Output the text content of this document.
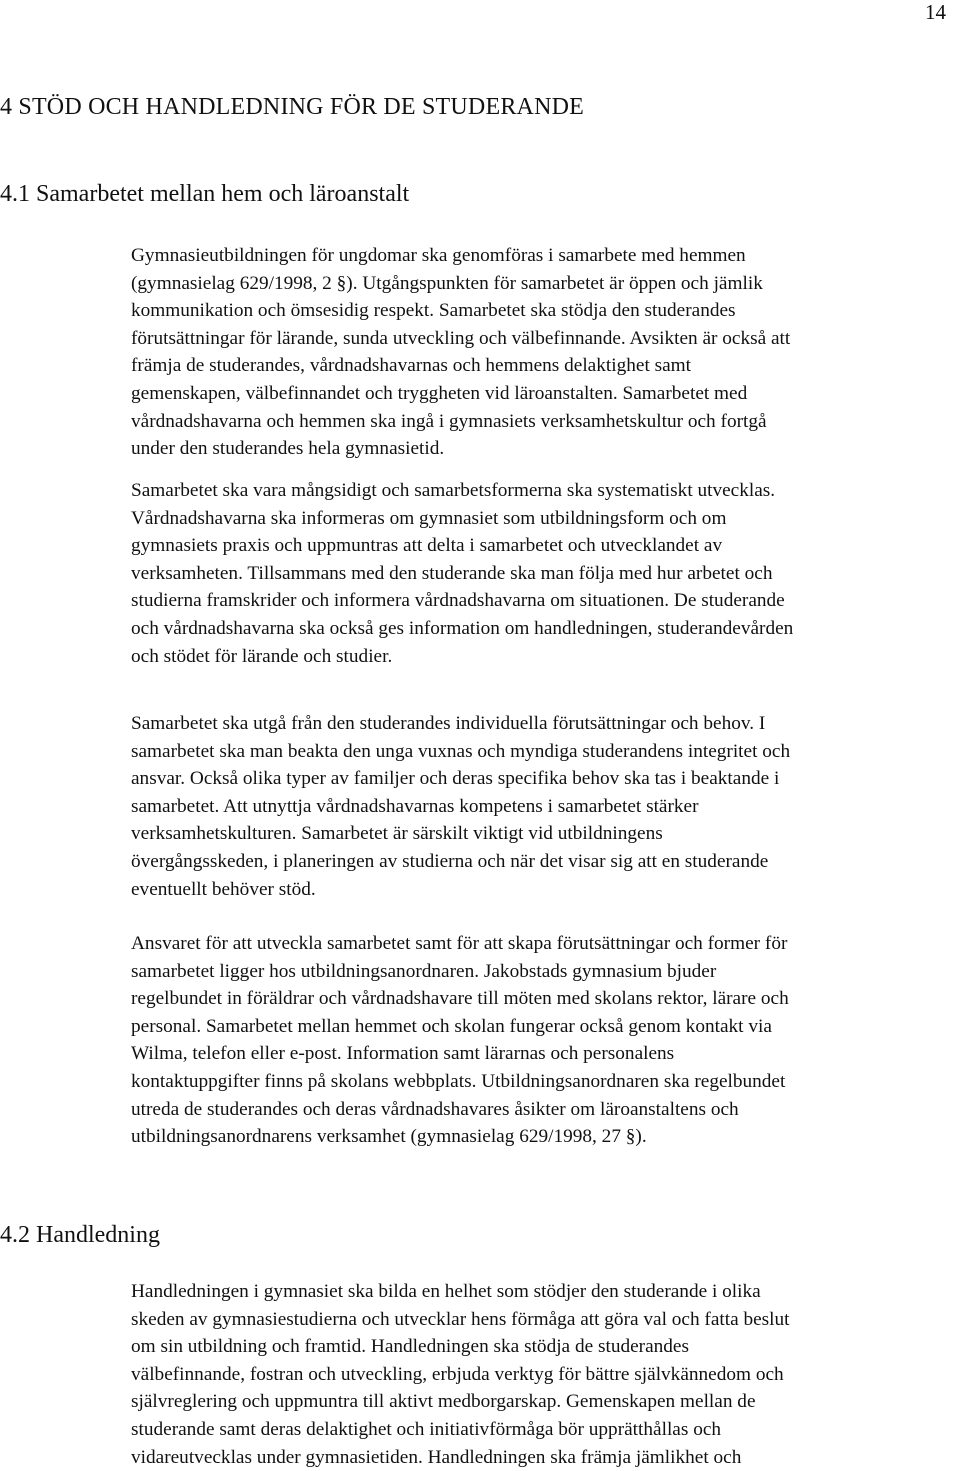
14
4 STÖD OCH HANDLEDNING FÖR DE STUDERANDE
4.1 Samarbetet mellan hem och läroanstalt

Gymnasieutbildningen för ungdomar ska genomföras i samarbete med hemmen
(gymnasielag 629/1998, 2 §). Utgångspunkten för samarbetet är öppen och jämlik
kommunikation och ömsesidig respekt. Samarbetet ska stödja den studerandes
förutsättningar för lärande, sunda utveckling och välbefinnande. Avsikten är också att
främja de studerandes, vårdnadshavarnas och hemmens delaktighet samt
gemenskapen, välbefinnandet och tryggheten vid läroanstalten. Samarbetet med
vårdnadshavarna och hemmen ska ingå i gymnasiets verksamhetskultur och fortgå
under den studerandes hela gymnasietid.

Samarbetet ska vara mångsidigt och samarbetsformerna ska systematiskt utvecklas.
Vårdnadshavarna ska informeras om gymnasiet som utbildningsform och om
gymnasiets praxis och uppmuntras att delta i samarbetet och utvecklandet av
verksamheten. Tillsammans med den studerande ska man följa med hur arbetet och
studierna framskrider och informera vårdnadshavarna om situationen. De studerande
och vårdnadshavarna ska också ges information om handledningen, studerandevården
och stödet för lärande och studier.

Samarbetet ska utgå från den studerandes individuella förutsättningar och behov. I
samarbetet ska man beakta den unga vuxnas och myndiga studerandens integritet och
ansvar. Också olika typer av familjer och deras specifika behov ska tas i beaktande i
samarbetet. Att utnyttja vårdnadshavarnas kompetens i samarbetet stärker
verksamhetskulturen. Samarbetet är särskilt viktigt vid utbildningens
övergångsskeden, i planeringen av studierna och när det visar sig att en studerande
eventuellt behöver stöd.

Ansvaret för att utveckla samarbetet samt för att skapa förutsättningar och former för
samarbetet ligger hos utbildningsanordnaren. Jakobstads gymnasium bjuder
regelbundet in föräldrar och vårdnadshavare till möten med skolans rektor, lärare och
personal. Samarbetet mellan hemmet och skolan fungerar också genom kontakt via
Wilma, telefon eller e-post. Information samt lärarnas och personalens
kontaktuppgifter finns på skolans webbplats. Utbildningsanordnaren ska regelbundet
utreda de studerandes och deras vårdnadshavares åsikter om läroanstaltens och
utbildningsanordnarens verksamhet (gymnasielag 629/1998, 27 §).

4.2 Handledning

Handledningen i gymnasiet ska bilda en helhet som stödjer den studerande i olika
skeden av gymnasiestudierna och utvecklar hens förmåga att göra val och fatta beslut
om sin utbildning och framtid. Handledningen ska stödja de studerandes
välbefinnande, fostran och utveckling, erbjuda verktyg för bättre självkännedom och
självreglering och uppmuntra till aktivt medborgarskap. Gemenskapen mellan de
studerande samt deras delaktighet och initiativförmåga bör upprätthållas och
vidareutvecklas under gymnasietiden. Handledningen ska främja jämlikhet och
